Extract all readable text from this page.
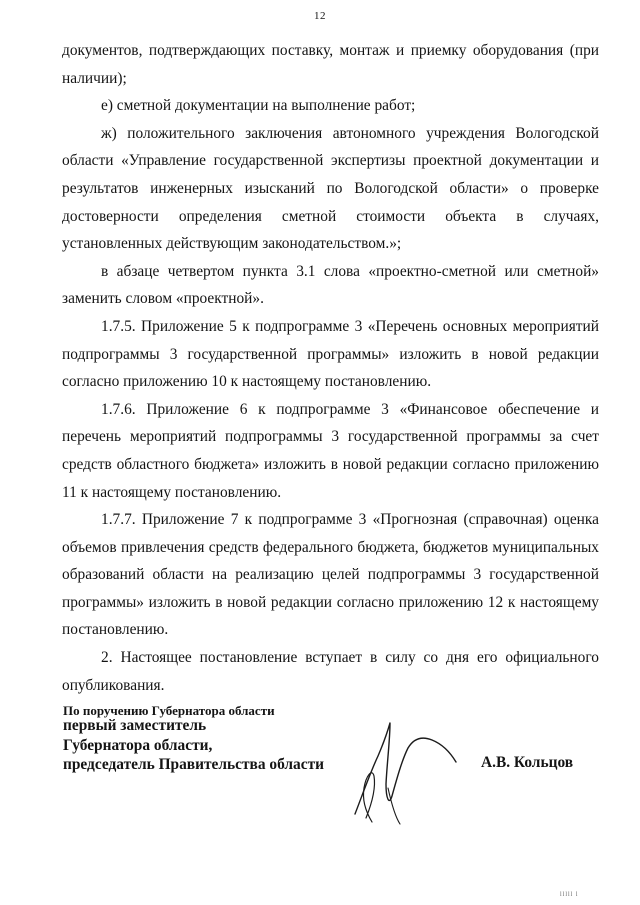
12

документов, подтверждающих поставку, монтаж и приемку оборудования (при наличии);

е) сметной документации на выполнение работ;

ж) положительного заключения автономного учреждения Вологодской области «Управление государственной экспертизы проектной документации и результатов инженерных изысканий по Вологодской области» о проверке достоверности определения сметной стоимости объекта в случаях, установленных действующим законодательством.»;

в абзаце четвертом пункта 3.1 слова «проектно-сметной или сметной» заменить словом «проектной».

1.7.5. Приложение 5 к подпрограмме 3 «Перечень основных мероприятий подпрограммы 3 государственной программы» изложить в новой редакции согласно приложению 10 к настоящему постановлению.

1.7.6. Приложение 6 к подпрограмме 3 «Финансовое обеспечение и перечень мероприятий подпрограммы 3 государственной программы за счет средств областного бюджета» изложить в новой редакции согласно приложению 11 к настоящему постановлению.

1.7.7. Приложение 7 к подпрограмме 3 «Прогнозная (справочная) оценка объемов привлечения средств федерального бюджета, бюджетов муниципальных образований области на реализацию целей подпрограммы 3 государственной программы» изложить в новой редакции согласно приложению 12 к настоящему постановлению.

2. Настоящее постановление вступает в силу со дня его официального опубликования.

По поручению Губернатора области
первый заместитель
Губернатора области,
председатель Правительства области	А.В. Кольцов
lllll l
